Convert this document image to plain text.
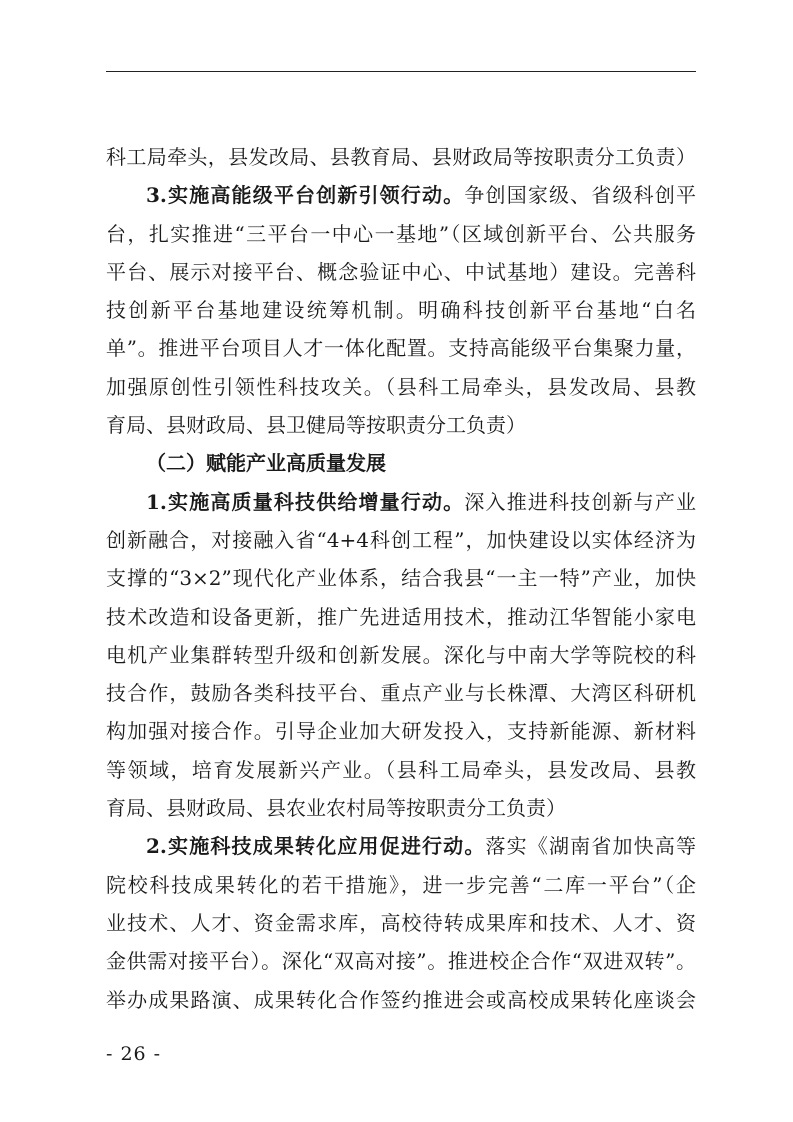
科工局牵头，县发改局、县教育局、县财政局等按职责分工负责）
3.实施高能级平台创新引领行动。争创国家级、省级科创平
台，扎实推进“三平台一中心一基地”（区域创新平台、公共服务
平台、展示对接平台、概念验证中心、中试基地）建设。完善科
技创新平台基地建设统筹机制。明确科技创新平台基地“白名
单”。推进平台项目人才一体化配置。支持高能级平台集聚力量，
加强原创性引领性科技攻关。（县科工局牵头，县发改局、县教
育局、县财政局、县卫健局等按职责分工负责）
（二）赋能产业高质量发展
1.实施高质量科技供给增量行动。深入推进科技创新与产业
创新融合，对接融入省“4+4科创工程”，加快建设以实体经济为
支撑的“3×2”现代化产业体系，结合我县“一主一特”产业，加快
技术改造和设备更新，推广先进适用技术，推动江华智能小家电
电机产业集群转型升级和创新发展。深化与中南大学等院校的科
技合作，鼓励各类科技平台、重点产业与长株潭、大湾区科研机
构加强对接合作。引导企业加大研发投入，支持新能源、新材料
等领域，培育发展新兴产业。（县科工局牵头，县发改局、县教
育局、县财政局、县农业农村局等按职责分工负责）
2.实施科技成果转化应用促进行动。落实《湖南省加快高等
院校科技成果转化的若干措施》，进一步完善“二库一平台”（企
业技术、人才、资金需求库，高校待转成果库和技术、人才、资
金供需对接平台）。深化“双高对接”。推进校企合作“双进双转”。
举办成果路演、成果转化合作签约推进会或高校成果转化座谈会
- 26 -
